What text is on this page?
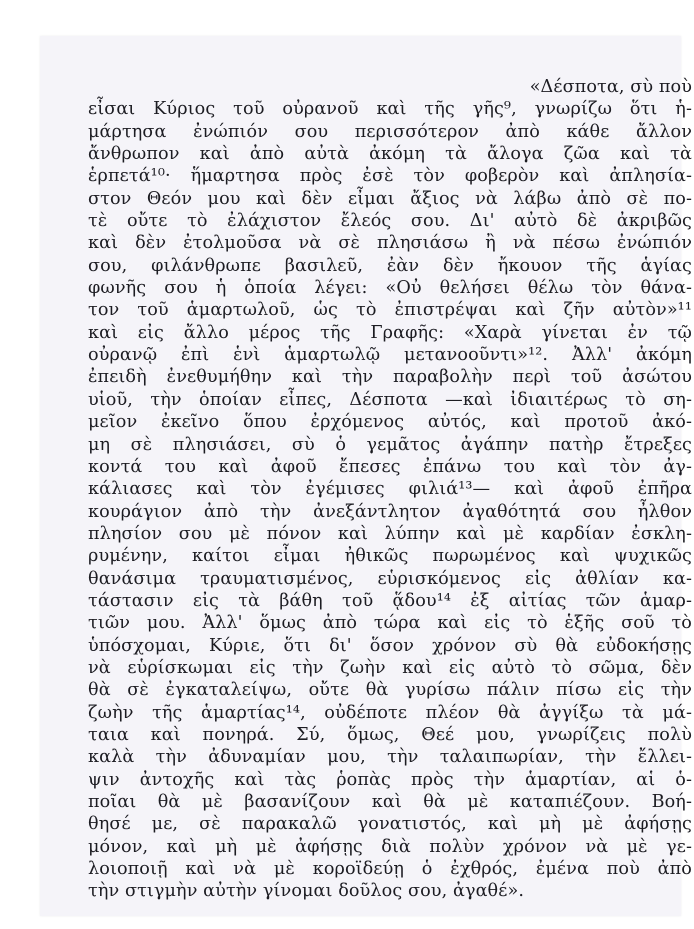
«Δέσποτα, σὺ ποὺ
εἶσαι Κύριος τοῦ οὐρανοῦ καὶ τῆς γῆς⁹, γνωρίζω ὅτι ἡ-
μάρτησα ἐνώπιόν σου περισσότερον ἀπὸ κάθε ἄλλον
ἄνθρωπον καὶ ἀπὸ αὐτὰ ἀκόμη τὰ ἄλογα ζῶα καὶ τὰ
ἑρπετά¹⁰· ἥμαρτησα πρὸς ἐσὲ τὸν φοβερὸν καὶ ἀπλησία-
στον Θεόν μου καὶ δὲν εἶμαι ἄξιος νὰ λάβω ἀπὸ σὲ πο-
τὲ οὔτε τὸ ἐλάχιστον ἔλεός σου. Δι' αὐτὸ δὲ ἀκριβῶς
καὶ δὲν ἐτολμοῦσα νὰ σὲ πλησιάσω ἢ νὰ πέσω ἐνώπιόν
σου, φιλάνθρωπε βασιλεῦ, ἐὰν δὲν ἤκουον τῆς ἁγίας
φωνῆς σου ἡ ὁποία λέγει: «Οὐ θελήσει θέλω τὸν θάνα-
τον τοῦ ἁμαρτωλοῦ, ὡς τὸ ἐπιστρέψαι καὶ ζῆν αὐτὸν»¹¹
καὶ εἰς ἄλλο μέρος τῆς Γραφῆς: «Χαρὰ γίνεται ἐν τῷ
οὐρανῷ ἐπὶ ἑνὶ ἁμαρτωλῷ μετανοοῦντι»¹². Ἀλλ' ἀκόμη
ἐπειδὴ ἐνεθυμήθην καὶ τὴν παραβολὴν περὶ τοῦ ἀσώτου
υἱοῦ, τὴν ὁποίαν εἶπες, Δέσποτα —καὶ ἰδιαιτέρως τὸ ση-
μεῖον ἐκεῖνο ὅπου ἐρχόμενος αὐτός, καὶ προτοῦ ἀκό-
μη σὲ πλησιάσει, σὺ ὁ γεμᾶτος ἀγάπην πατὴρ ἔτρεξες
κοντά του καὶ ἀφοῦ ἔπεσες ἐπάνω του καὶ τὸν ἀγ-
κάλιασες καὶ τὸν ἐγέμισες φιλιά¹³— καὶ ἀφοῦ ἐπῆρα
κουράγιον ἀπὸ τὴν ἀνεξάντλητον ἀγαθότητά σου ἦλθον
πλησίον σου μὲ πόνον καὶ λύπην καὶ μὲ καρδίαν ἐσκλη-
ρυμένην, καίτοι εἶμαι ἠθικῶς πωρωμένος καὶ ψυχικῶς
θανάσιμα τραυματισμένος, εὑρισκόμενος εἰς ἀθλίαν κα-
τάστασιν εἰς τὰ βάθη τοῦ ᾅδου¹⁴ ἐξ αἰτίας τῶν ἁμαρ-
τιῶν μου. Ἀλλ' ὅμως ἀπὸ τώρα καὶ εἰς τὸ ἑξῆς σοῦ τὸ
ὑπόσχομαι, Κύριε, ὅτι δι' ὅσον χρόνον σὺ θὰ εὐδοκήσῃς
νὰ εὑρίσκωμαι εἰς τὴν ζωὴν καὶ εἰς αὐτὸ τὸ σῶμα, δὲν
θὰ σὲ ἐγκαταλείψω, οὔτε θὰ γυρίσω πάλιν πίσω εἰς τὴν
ζωὴν τῆς ἁμαρτίας¹⁴, οὐδέποτε πλέον θὰ ἀγγίξω τὰ μά-
ταια καὶ πονηρά. Σύ, ὅμως, Θεέ μου, γνωρίζεις πολὺ
καλὰ τὴν ἀδυναμίαν μου, τὴν ταλαιπωρίαν, τὴν ἔλλει-
ψιν ἀντοχῆς καὶ τὰς ῥοπὰς πρὸς τὴν ἁμαρτίαν, αἱ ὁ-
ποῖαι θὰ μὲ βασανίζουν καὶ θὰ μὲ καταπιέζουν. Βοή-
θησέ με, σὲ παρακαλῶ γονατιστός, καὶ μὴ μὲ ἀφήσῃς
μόνον, καὶ μὴ μὲ ἀφήσῃς διὰ πολὺν χρόνον νὰ μὲ γε-
λοιοποιῇ καὶ νὰ μὲ κοροϊδεύῃ ὁ ἐχθρός, ἐμένα ποὺ ἀπὸ
τὴν στιγμὴν αὐτὴν γίνομαι δοῦλος σου, ἀγαθέ».
